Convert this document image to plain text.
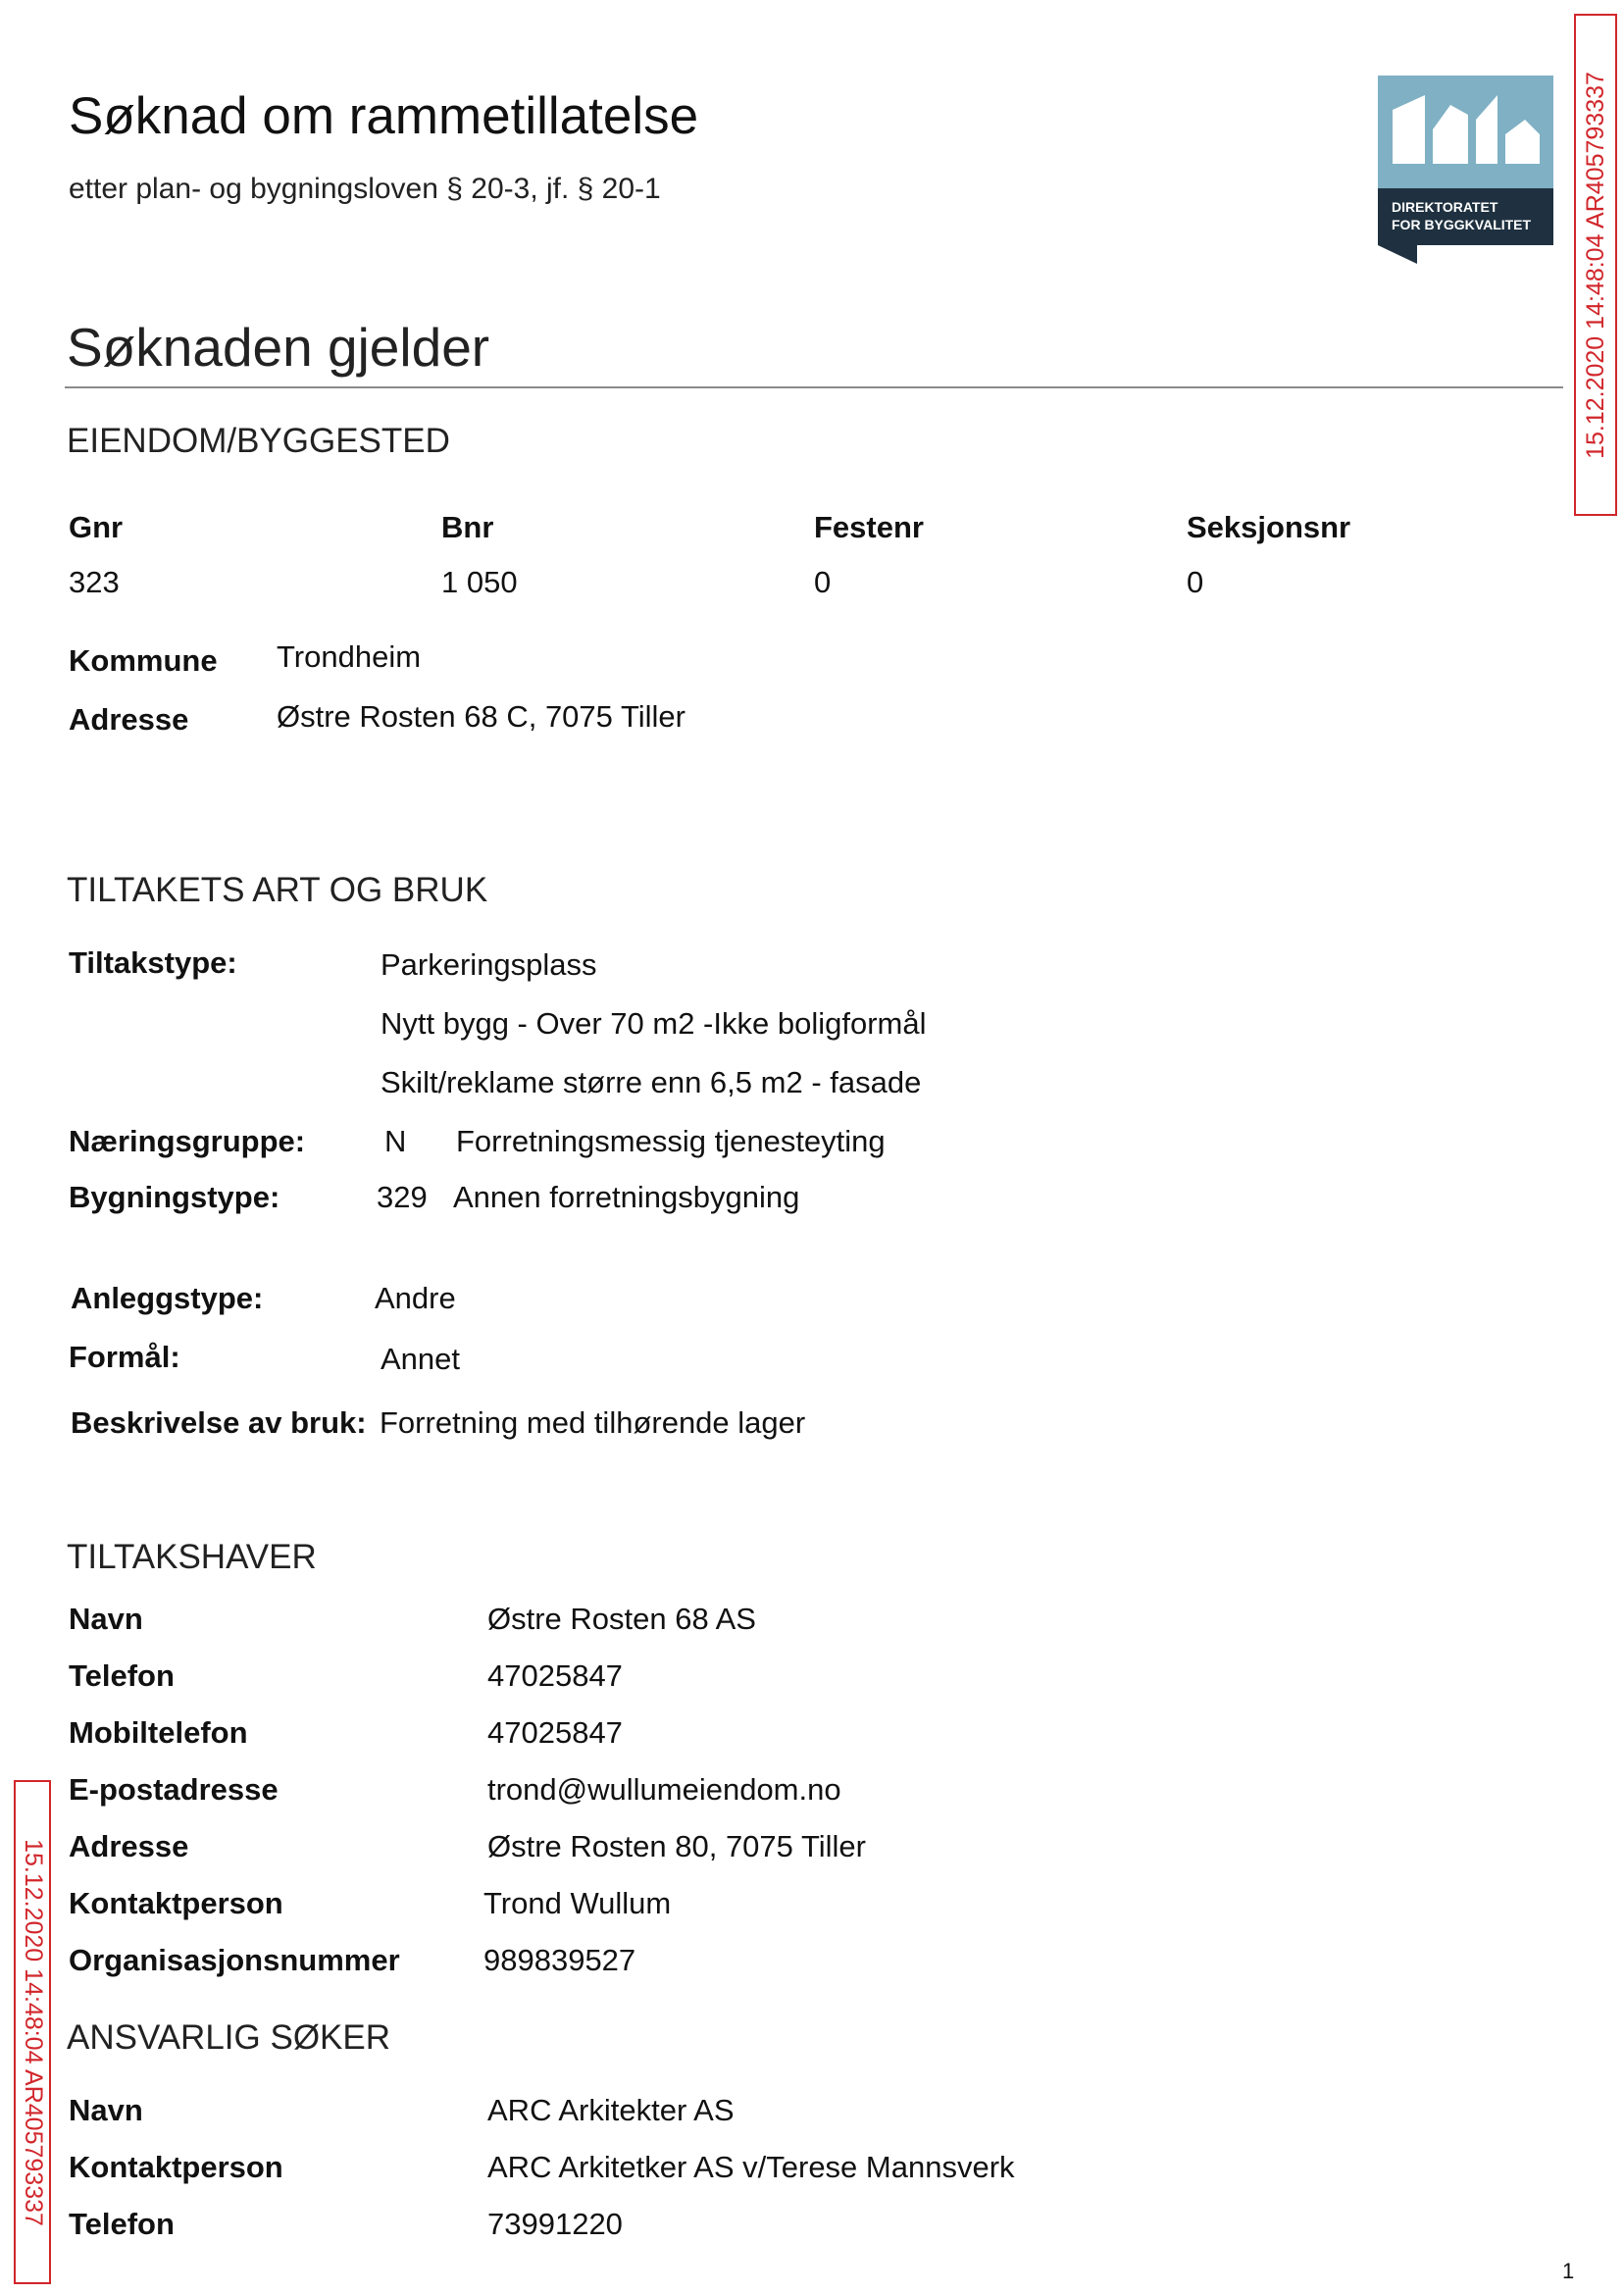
Søknad om rammetillatelse
etter plan- og bygningsloven § 20-3, jf. § 20-1
DIREKTORATET
FOR BYGGKVALITET 15.12.2020 14:48:04 AR405793337
15.12.2020 14:48:04 AR405793337
Søknaden gjelder
EIENDOM/BYGGESTED
Gnr	Bnr	Festenr	Seksjonsnr
323	1 050	0	0
Kommune Trondheim
Adresse	Østre Rosten 68 C, 7075 Tiller
TILTAKETS ART OG BRUK
Tiltakstype:	Parkeringsplass
Nytt bygg - Over 70 m2 -Ikke boligformål
Skilt/reklame større enn 6,5 m2 - fasade
Næringsgruppe:	N Forretningsmessig tjenesteyting
Bygningstype:	329 Annen forretningsbygning
Anleggstype:	Andre
Formål:	Annet
Beskrivelse av bruk: Forretning med tilhørende lager
TILTAKSHAVER
Navn	Østre Rosten 68 AS
Telefon	47025847
Mobiltelefon	47025847
E-postadresse	trond@wullumeiendom.no
Adresse	Østre Rosten 80, 7075 Tiller
Kontaktperson	Trond Wullum
Organisasjonsnummer	989839527
ANSVARLIG SØKER
Navn	ARC Arkitekter AS
Kontaktperson	ARC Arkitetker AS v/Terese Mannsverk
Telefon	73991220
1
